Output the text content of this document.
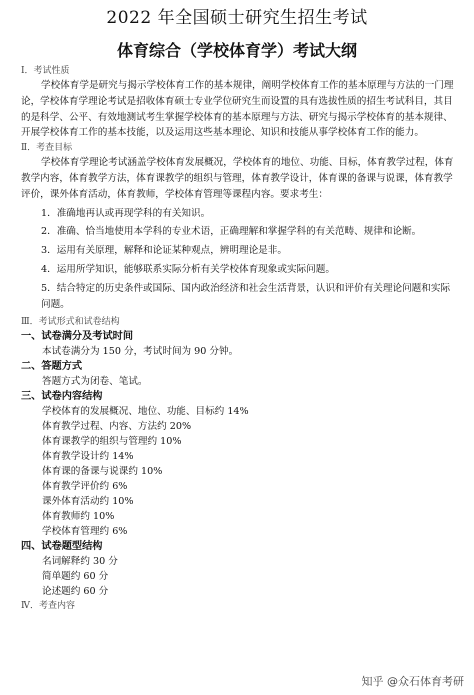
2022 年全国硕士研究生招生考试
体育综合（学校体育学）考试大纲
Ⅰ．考试性质
学校体育学是研究与揭示学校体育工作的基本规律，阐明学校体育工作的基本原理与方法的一门理论，学校体育学理论考试是招收体育硕士专业学位研究生而设置的具有选拔性质的招生考试科目，其目的是科学、公平、有效地测试考生掌握学校体育的基本原理与方法、研究与揭示学校体育的基本规律、开展学校体育工作的基本技能，以及运用这些基本理论、知识和技能从事学校体育工作的能力。
Ⅱ．考查目标
学校体育学理论考试涵盖学校体育发展概况，学校体育的地位、功能、目标，体育教学过程，体育教学内容，体育教学方法，体育课教学的组织与管理，体育教学设计，体育课的备课与说课，体育教学评价，课外体育活动，体育教师，学校体育管理等课程内容。要求考生：
1．准确地再认或再现学科的有关知识。
2．准确、恰当地使用本学科的专业术语，正确理解和掌握学科的有关范畴、规律和论断。
3．运用有关原理，解释和论证某种观点，辨明理论是非。
4．运用所学知识，能够联系实际分析有关学校体育现象或实际问题。
5．结合特定的历史条件或国际、国内政治经济和社会生活背景，认识和评价有关理论问题和实际问题。
Ⅲ．考试形式和试卷结构
一、试卷满分及考试时间
本试卷满分为 150 分，考试时间为 90 分钟。
二、答题方式
答题方式为闭卷、笔试。
三、试卷内容结构
学校体育的发展概况、地位、功能、目标约 14%
体育教学过程、内容、方法约 20%
体育课教学的组织与管理约 10%
体育教学设计约 14%
体育课的备课与说课约 10%
体育教学评价约 6%
课外体育活动约 10%
体育教师约 10%
学校体育管理约 6%
四、试卷题型结构
名词解释约 30 分
简单题约 60 分
论述题约 60 分
Ⅳ．考查内容
知乎 @众石体育考研
